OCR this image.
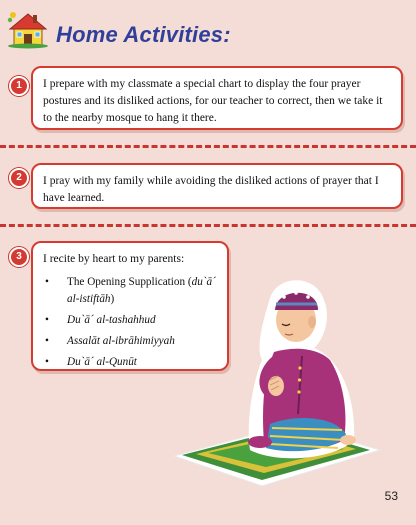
Home Activities:
1	I prepare with my classmate a special chart to display the four prayer postures and its disliked actions, for our teacher to correct, then we take it to the nearby mosque to hang it there.

2	I pray with my family while avoiding the disliked actions of prayer that I have learned.

3	I recite by heart to my parents:

• The Opening Supplication (du`ā´ al-istiftāh)
• Du`ā´ al-tashahhud
• Assalāt al-ibrāhimiyyah
• Du`ā´ al-Qunūt
53
